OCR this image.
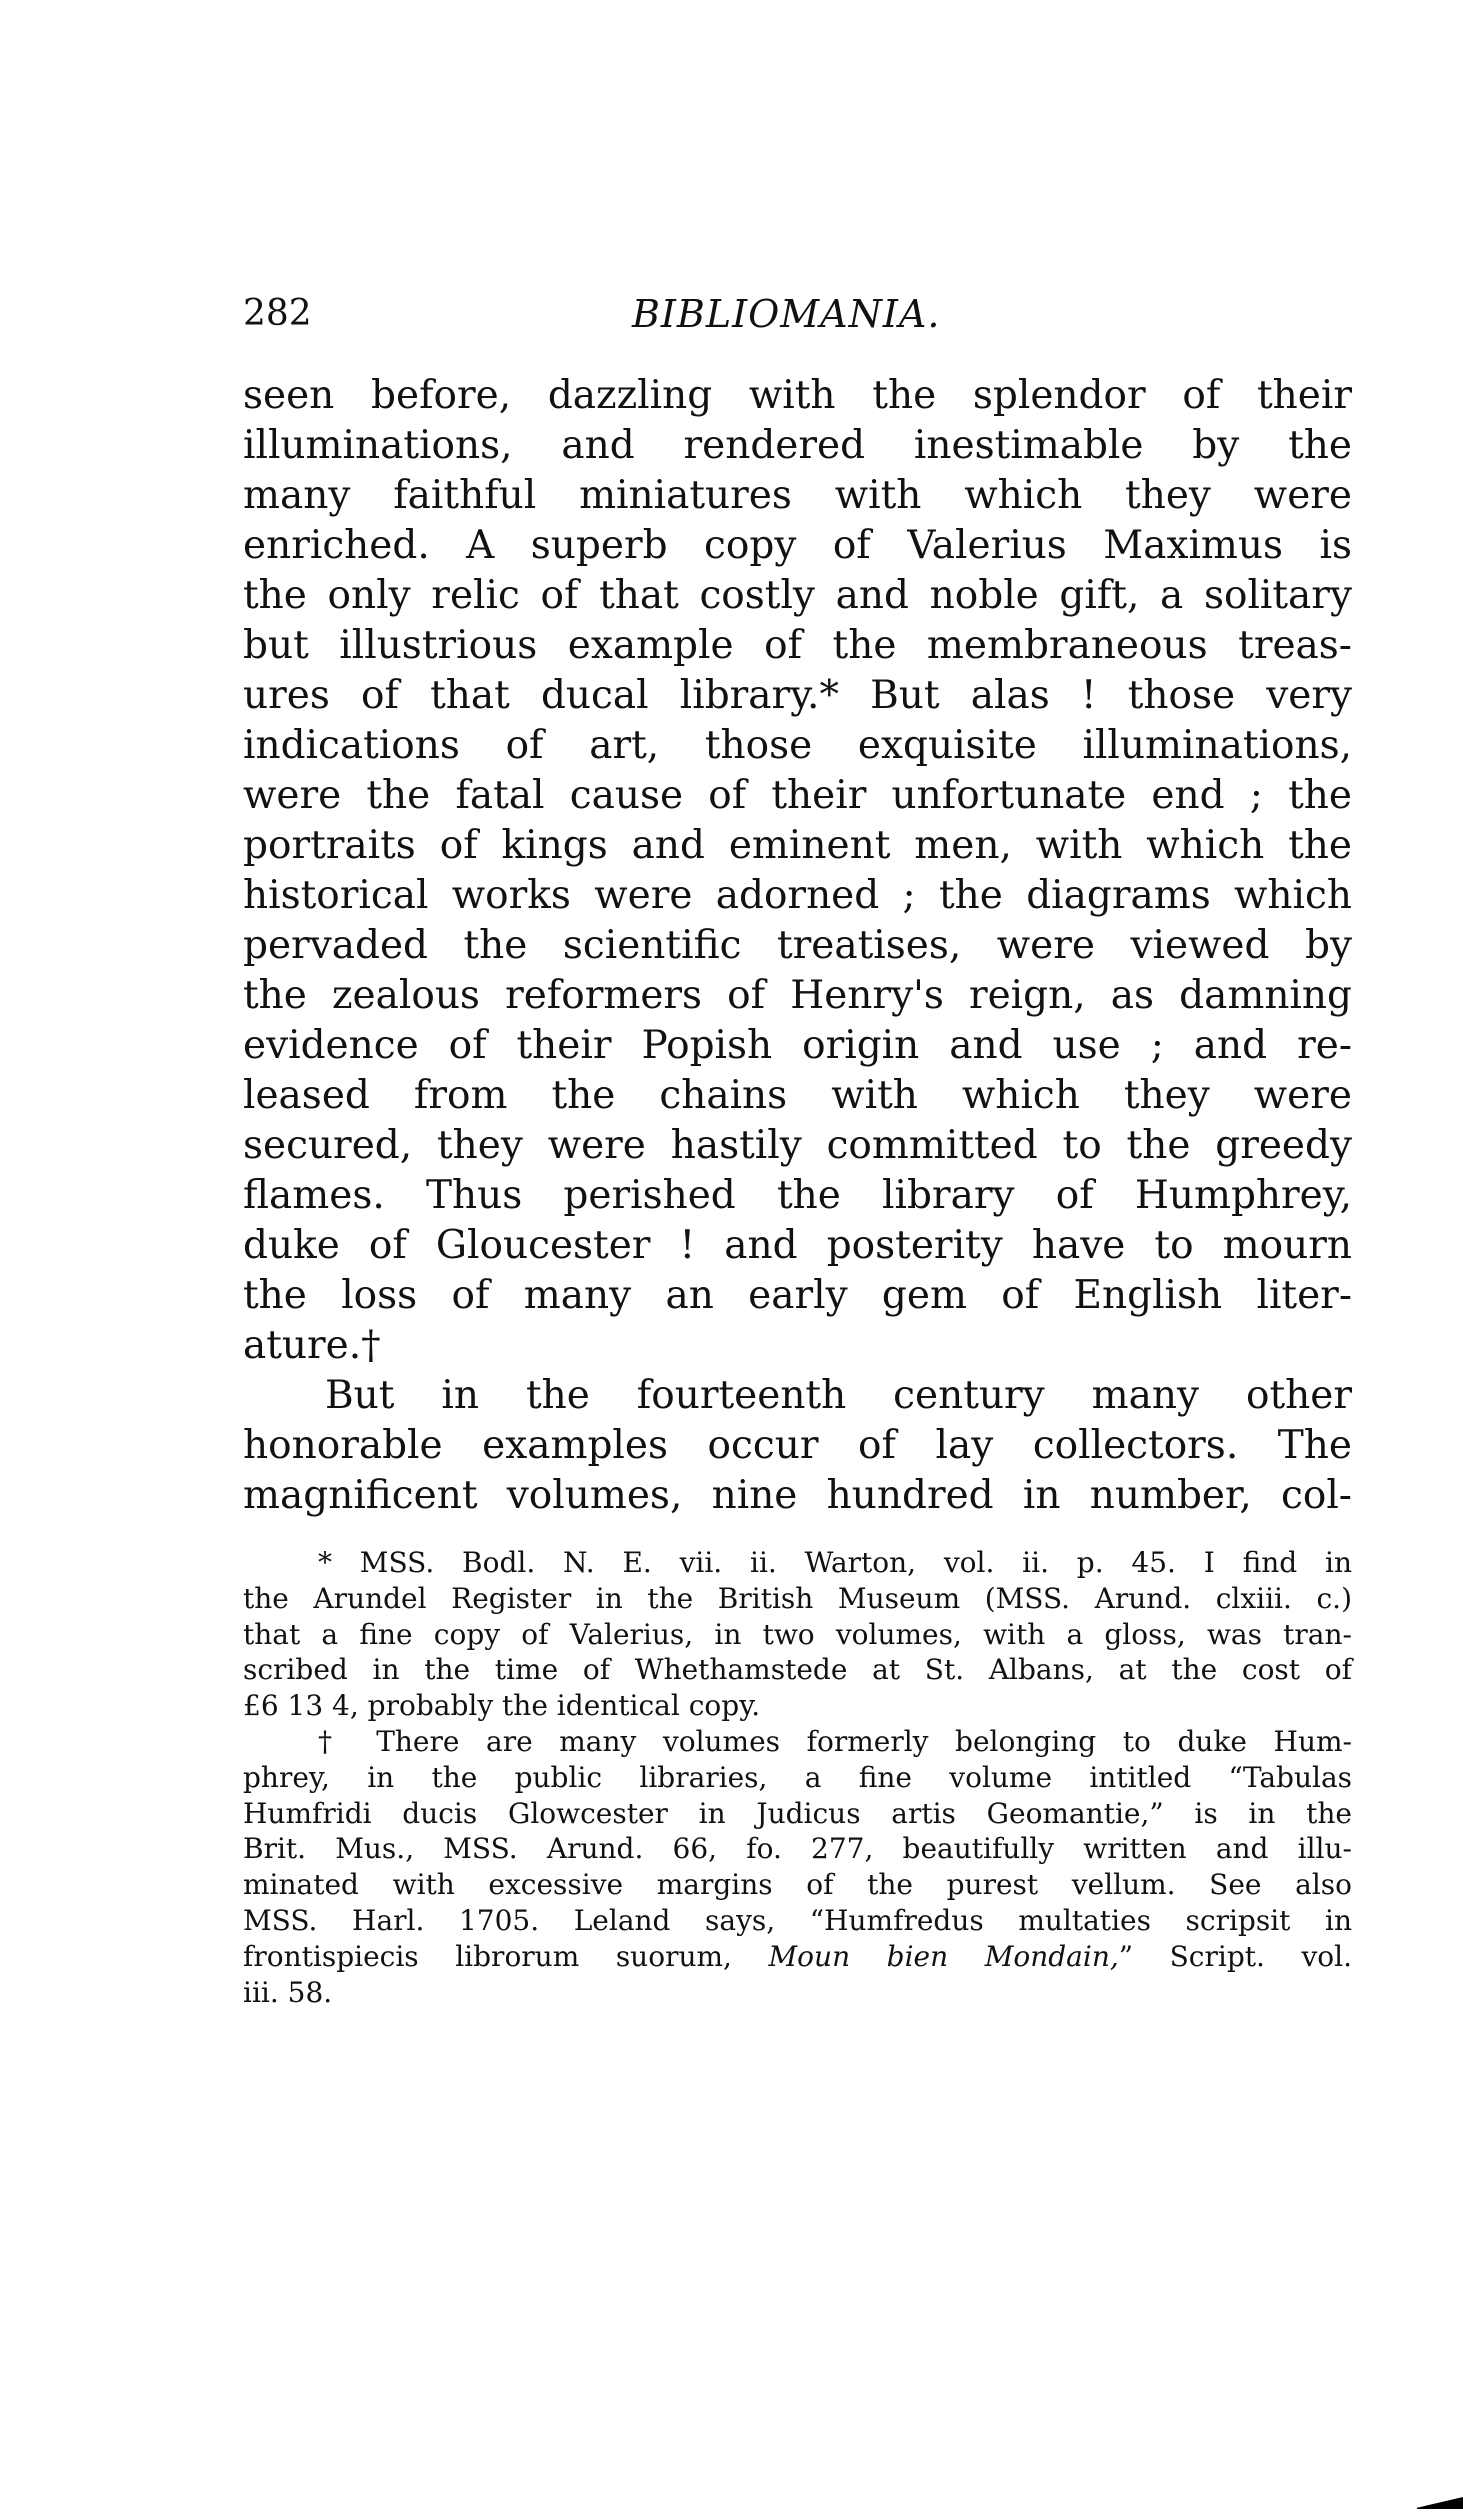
282	BIBLIOMANIA.
seen before, dazzling with the splendor of their
illuminations, and rendered inestimable by the
many faithful miniatures with which they were
enriched. A superb copy of Valerius Maximus is
the only relic of that costly and noble gift, a solitary
but illustrious example of the membraneous treas-
ures of that ducal library.* But alas ! those very
indications of art, those exquisite illuminations,
were the fatal cause of their unfortunate end ; the
portraits of kings and eminent men, with which the
historical works were adorned ; the diagrams which
pervaded the scientific treatises, were viewed by
the zealous reformers of Henry's reign, as damning
evidence of their Popish origin and use ; and re-
leased from the chains with which they were
secured, they were hastily committed to the greedy
flames. Thus perished the library of Humphrey,
duke of Gloucester ! and posterity have to mourn
the loss of many an early gem of English liter-
ature.†
But in the fourteenth century many other
honorable examples occur of lay collectors. The
magnificent volumes, nine hundred in number, col-
* MSS. Bodl. N. E. vii. ii. Warton, vol. ii. p. 45. I find in
the Arundel Register in the British Museum (MSS. Arund. clxiii. c.)
that a fine copy of Valerius, in two volumes, with a gloss, was tran-
scribed in the time of Whethamstede at St. Albans, at the cost of
£6 13 4, probably the identical copy.
† There are many volumes formerly belonging to duke Hum-
phrey, in the public libraries, a fine volume intitled “Tabulas
Humfridi ducis Glowcester in Judicus artis Geomantie,” is in the
Brit. Mus., MSS. Arund. 66, fo. 277, beautifully written and illu-
minated with excessive margins of the purest vellum. See also
MSS. Harl. 1705. Leland says, “Humfredus multaties scripsit in
frontispiecis librorum suorum, Moun bien Mondain,” Script. vol.
iii. 58.
